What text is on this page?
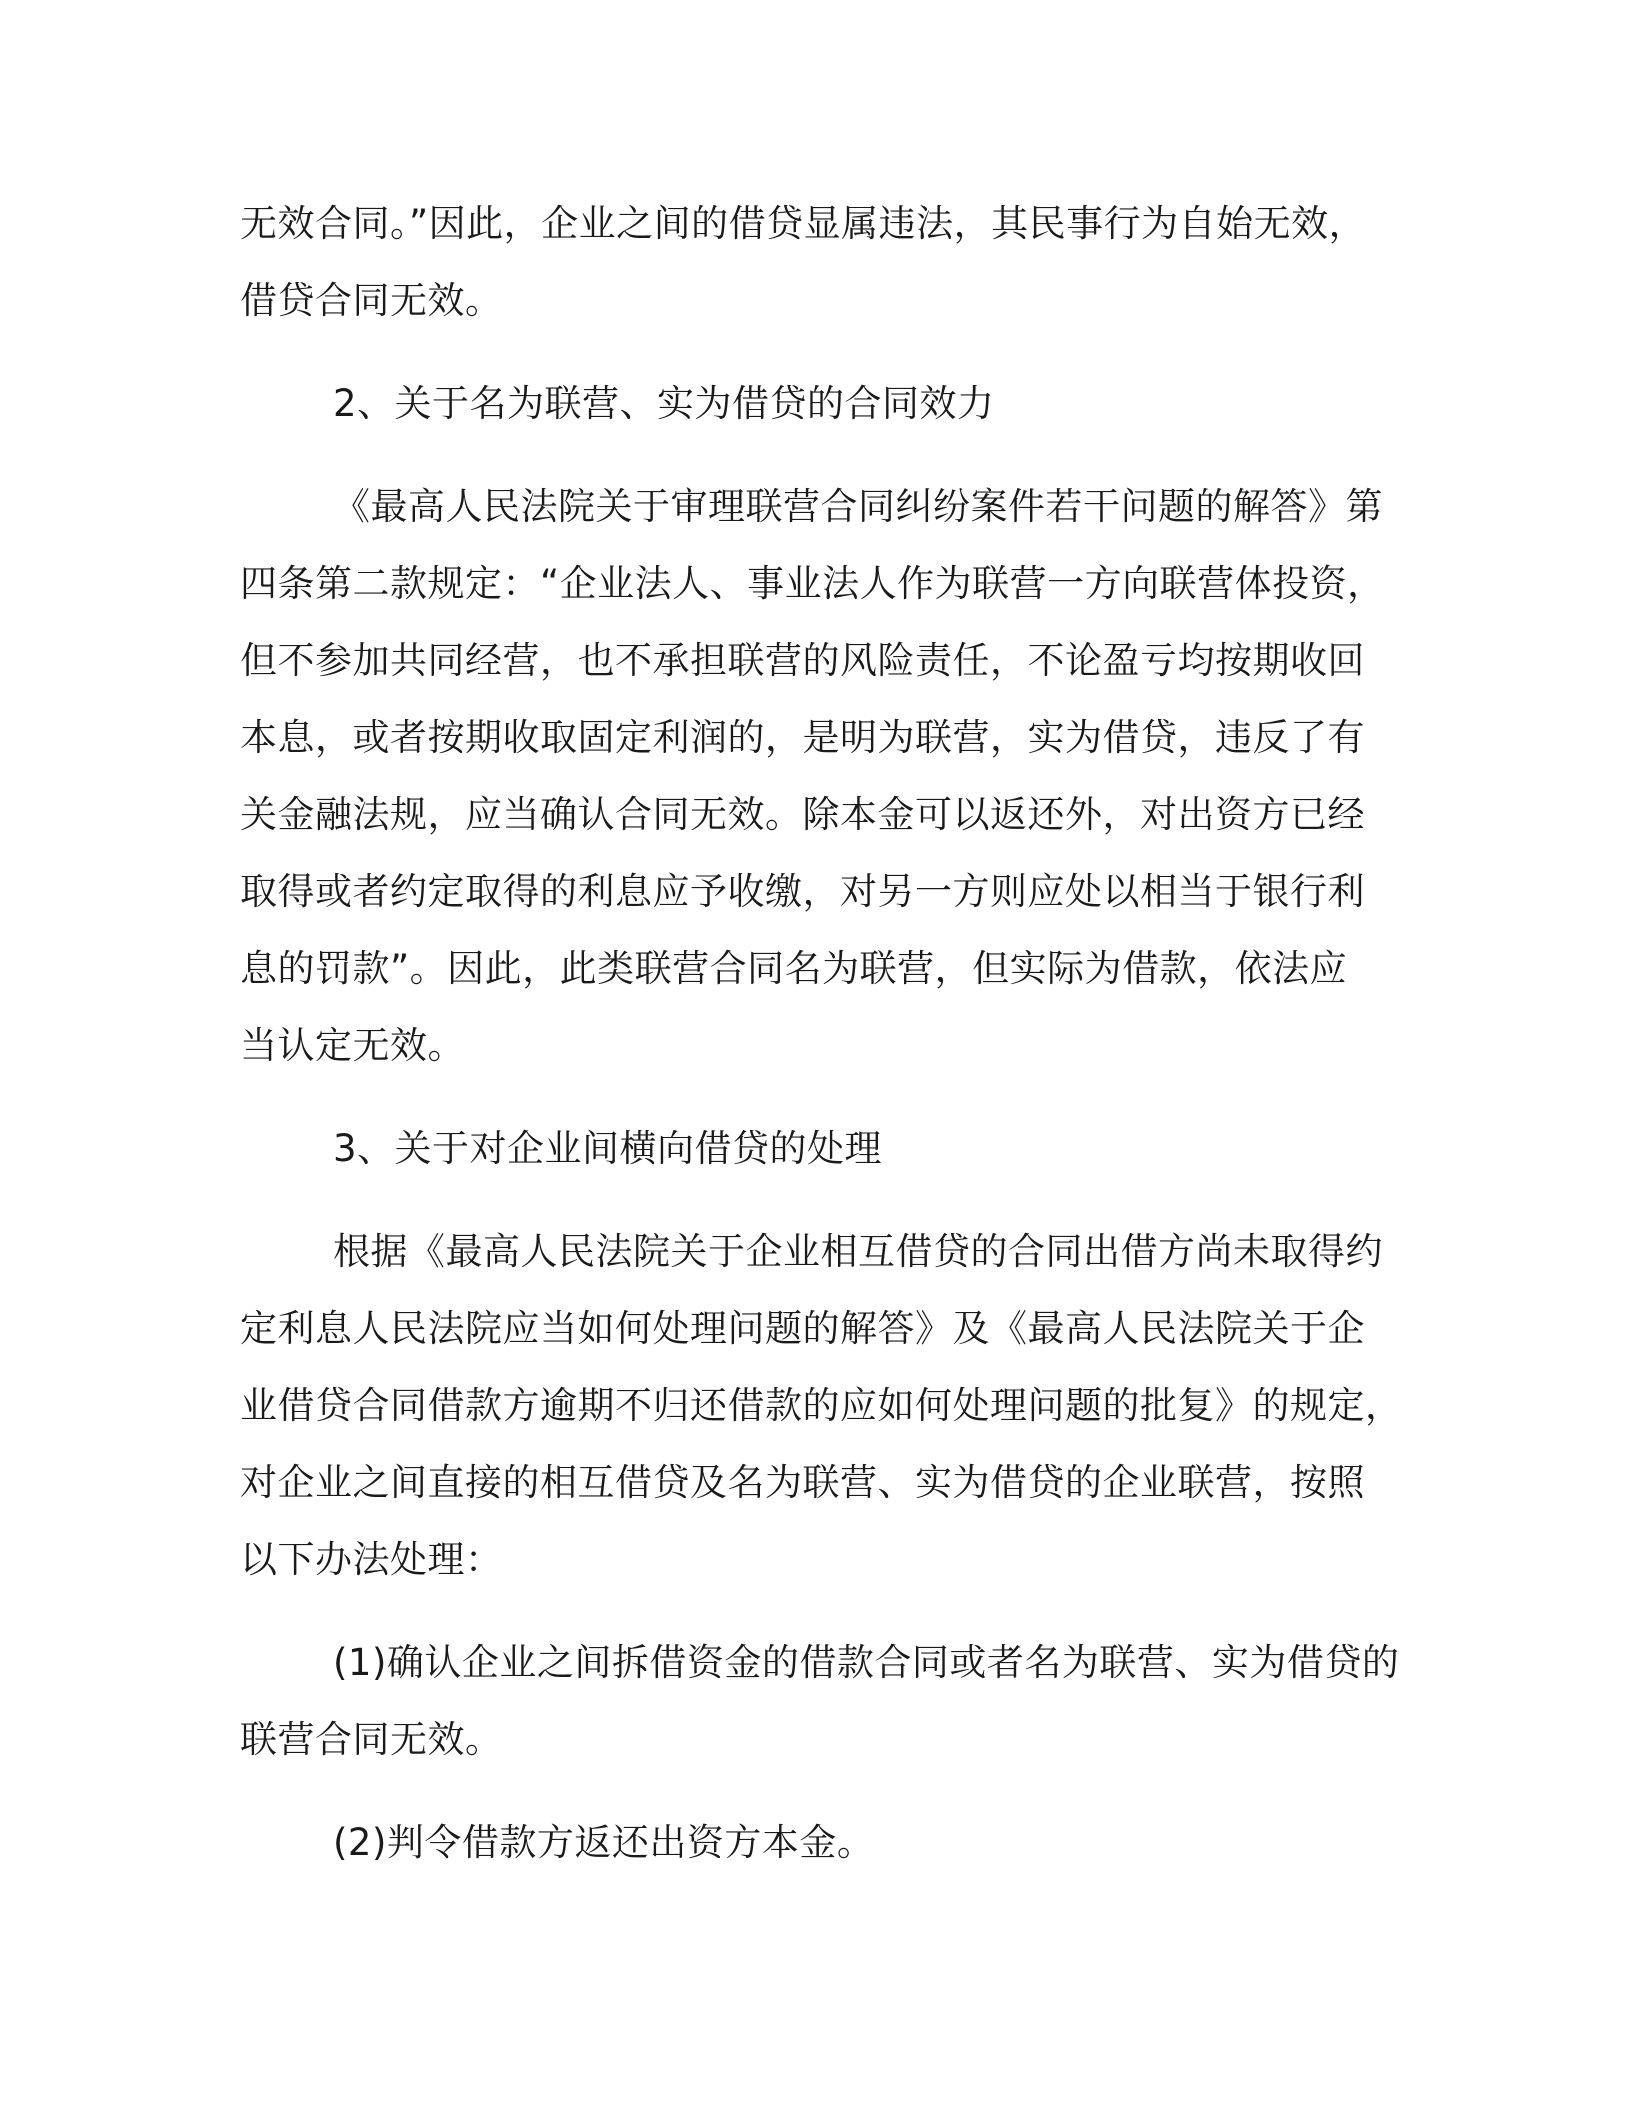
无效合同。”因此，企业之间的借贷显属违法，其民事行为自始无效，
借贷合同无效。
2、关于名为联营、实为借贷的合同效力
《最高人民法院关于审理联营合同纠纷案件若干问题的解答》第
四条第二款规定：“企业法人、事业法人作为联营一方向联营体投资，
但不参加共同经营，也不承担联营的风险责任，不论盈亏均按期收回
本息，或者按期收取固定利润的，是明为联营，实为借贷，违反了有
关金融法规，应当确认合同无效。除本金可以返还外，对出资方已经
取得或者约定取得的利息应予收缴，对另一方则应处以相当于银行利
息的罚款”。因此，此类联营合同名为联营，但实际为借款，依法应
当认定无效。
3、关于对企业间横向借贷的处理
根据《最高人民法院关于企业相互借贷的合同出借方尚未取得约
定利息人民法院应当如何处理问题的解答》及《最高人民法院关于企
业借贷合同借款方逾期不归还借款的应如何处理问题的批复》的规定，
对企业之间直接的相互借贷及名为联营、实为借贷的企业联营，按照
以下办法处理：
(1)确认企业之间拆借资金的借款合同或者名为联营、实为借贷的
联营合同无效。
(2)判令借款方返还出资方本金。
